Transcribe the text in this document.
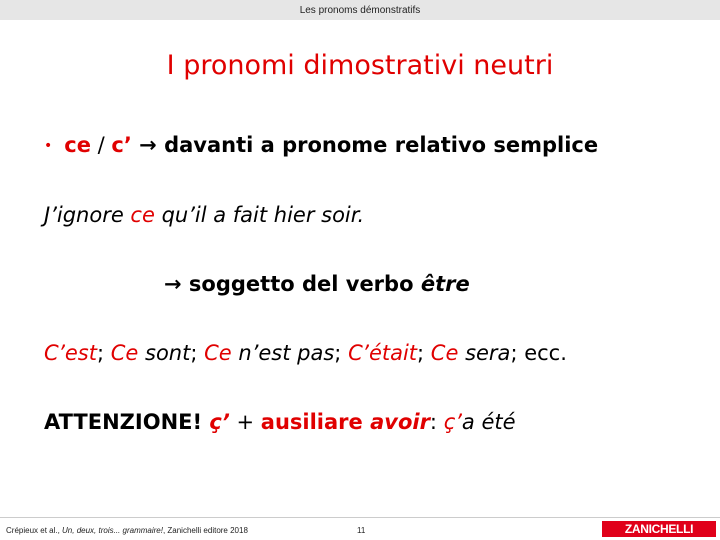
Les pronoms démonstratifs
I pronomi dimostrativi neutri
• ce / c’ → davanti a pronome relativo semplice
J’ignore ce qu’il a fait hier soir.
→ soggetto del verbo être
C’est; Ce sont; Ce n’est pas; C’était; Ce sera; ecc.
ATTENZIONE! ç’ + ausiliare avoir: ç’a été
Crépieux et al., Un, deux, trois... grammaire!, Zanichelli editore 2018	11	ZANICHELLI
